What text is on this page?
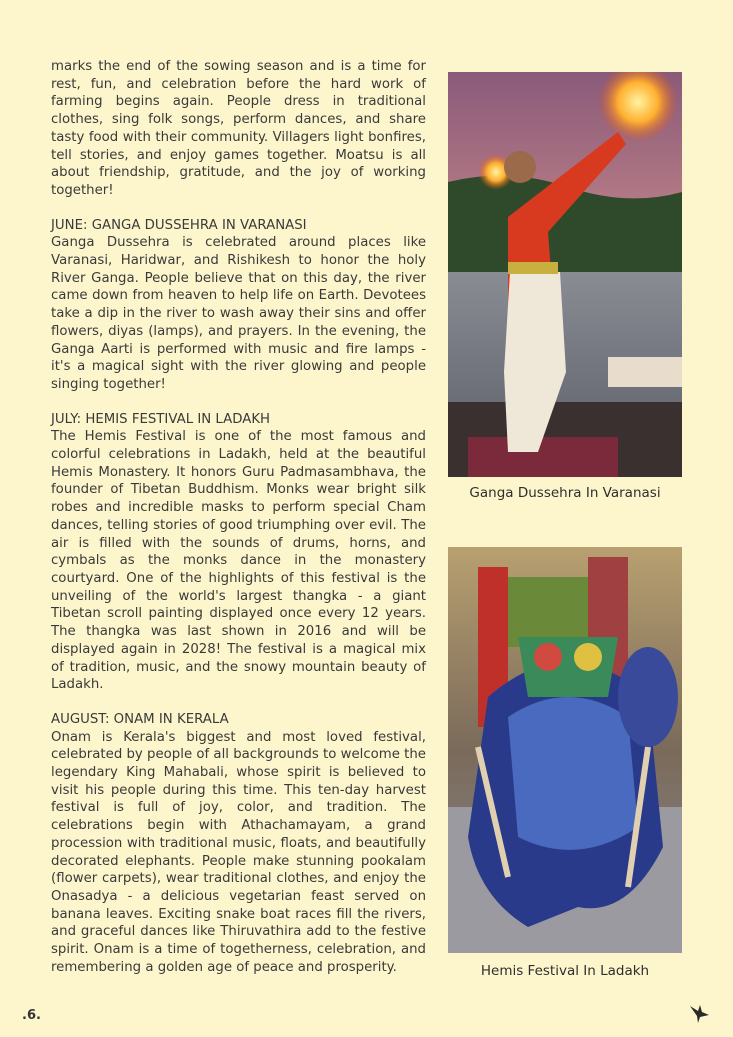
marks the end of the sowing season and is a time for rest, fun, and celebration before the hard work of farming begins again. People dress in traditional clothes, sing folk songs, perform dances, and share tasty food with their community. Villagers light bonfires, tell stories, and enjoy games together. Moatsu is all about friendship, gratitude, and the joy of working together!

JUNE: GANGA DUSSEHRA IN VARANASI

Ganga Dussehra is celebrated around places like Varanasi, Haridwar, and Rishikesh to honor the holy River Ganga. People believe that on this day, the river came down from heaven to help life on Earth. Devotees take a dip in the river to wash away their sins and offer flowers, diyas (lamps), and prayers. In the evening, the Ganga Aarti is performed with music and fire lamps - it's a magical sight with the river glowing and people singing together!

JULY: HEMIS FESTIVAL IN LADAKH

The Hemis Festival is one of the most famous and colorful celebrations in Ladakh, held at the beautiful Hemis Monastery. It honors Guru Padmasambhava, the founder of Tibetan Buddhism. Monks wear bright silk robes and incredible masks to perform special Cham dances, telling stories of good triumphing over evil. The air is filled with the sounds of drums, horns, and cymbals as the monks dance in the monastery courtyard. One of the highlights of this festival is the unveiling of the world's largest thangka - a giant Tibetan scroll painting displayed once every 12 years. The thangka was last shown in 2016 and will be displayed again in 2028! The festival is a magical mix of tradition, music, and the snowy mountain beauty of Ladakh.

AUGUST: ONAM IN KERALA

Onam is Kerala's biggest and most loved festival, celebrated by people of all backgrounds to welcome the legendary King Mahabali, whose spirit is believed to visit his people during this time. This ten-day harvest festival is full of joy, color, and tradition. The celebrations begin with Athachamayam, a grand procession with traditional music, floats, and beautifully decorated elephants. People make stunning pookalam (flower carpets), wear traditional clothes, and enjoy the Onasadya - a delicious vegetarian feast served on banana leaves. Exciting snake boat races fill the rivers, and graceful dances like Thiruvathira add to the festive spirit. Onam is a time of togetherness, celebration, and remembering a golden age of peace and prosperity.

Ganga Dussehra In Varanasi
Hemis Festival In Ladakh
.6.
